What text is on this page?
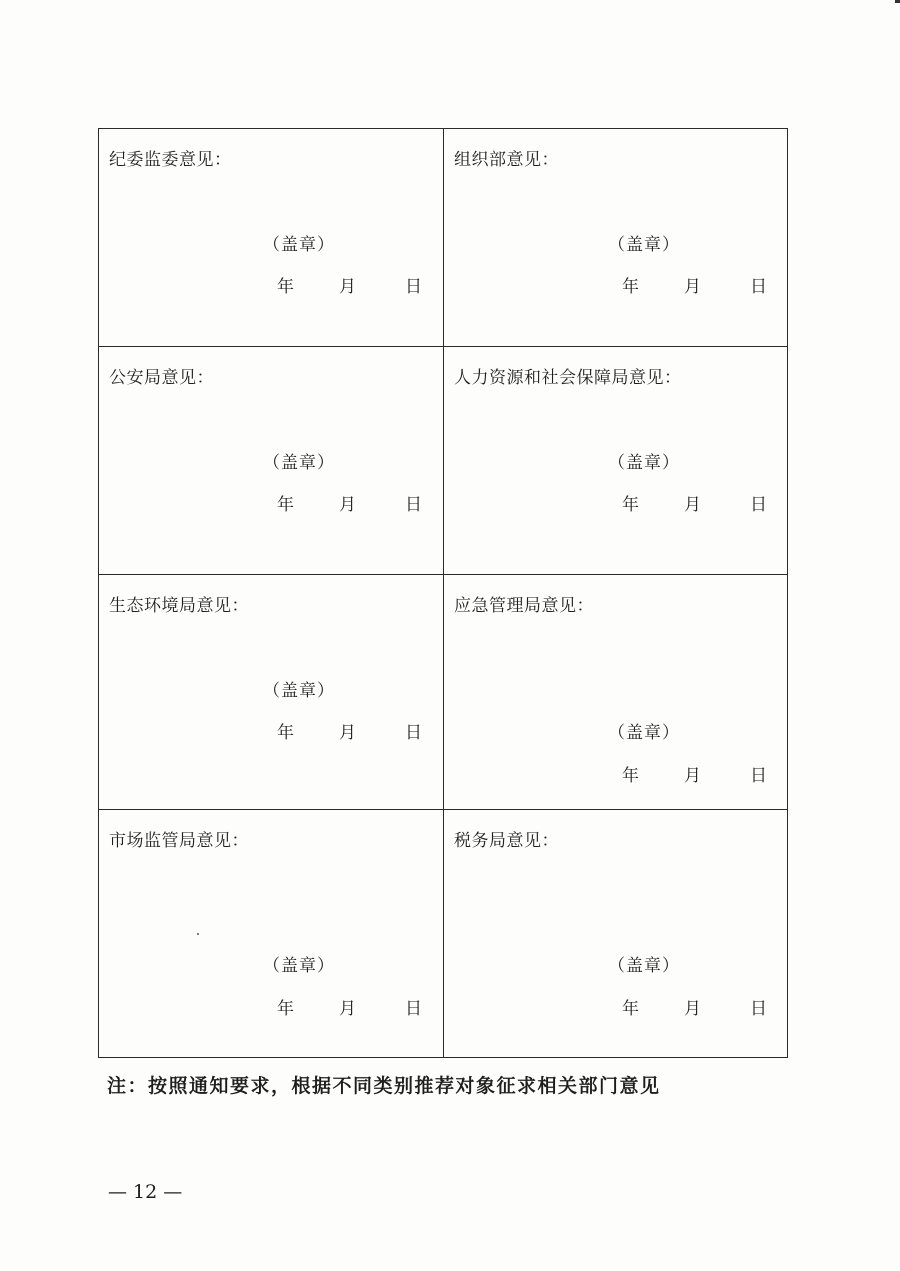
纪委监委意见：
（盖章）
年	月	日
组织部意见：
（盖章）
年	月	日
公安局意见：
（盖章）
年	月	日
人力资源和社会保障局意见：
（盖章）
年	月	日
生态环境局意见：
（盖章）
年	月	日
应急管理局意见：
（盖章）
年	月	日
市场监管局意见：
（盖章）
年	月	日
税务局意见：
（盖章）
年	月	日
注：按照通知要求，根据不同类别推荐对象征求相关部门意见
— 12 —
